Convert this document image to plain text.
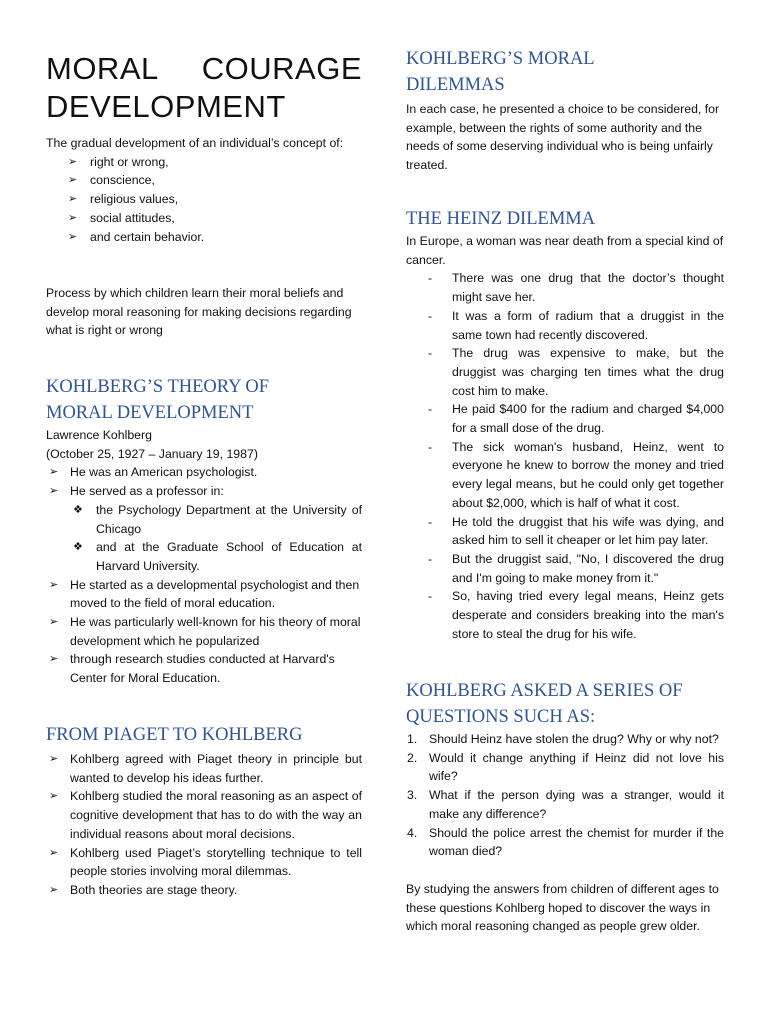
MORAL COURAGE
DEVELOPMENT

The gradual development of an individual’s concept of:

➢ right or wrong,
➢ conscience,
➢ religious values,
➢ social attitudes,
➢ and certain behavior.

Process by which children learn their moral beliefs and develop moral reasoning for making decisions regarding what is right or wrong

KOHLBERG’S THEORY OF
MORAL DEVELOPMENT

Lawrence Kohlberg

(October 25, 1927 – January 19, 1987)

➢ He was an American psychologist.
➢ He served as a professor in:
❖ the Psychology Department at the University of Chicago
❖ and at the Graduate School of Education at Harvard University.
➢ He started as a developmental psychologist and then moved to the field of moral education.
➢ He was particularly well-known for his theory of moral development which he popularized
➢ through research studies conducted at Harvard's Center for Moral Education.
FROM PIAGET TO KOHLBERG
➢ Kohlberg agreed with Piaget theory in principle but wanted to develop his ideas further.
➢ Kohlberg studied the moral reasoning as an aspect of cognitive development that has to do with the way an individual reasons about moral decisions.
➢ Kohlberg used Piaget’s storytelling technique to tell people stories involving moral dilemmas.
➢ Both theories are stage theory.
KOHLBERG’S MORAL
DILEMMAS

In each case, he presented a choice to be considered, for example, between the rights of some authority and the needs of some deserving individual who is being unfairly treated.

THE HEINZ DILEMMA

In Europe, a woman was near death from a special kind of cancer.

- There was one drug that the doctor’s thought might save her.
- It was a form of radium that a druggist in the same town had recently discovered.
- The drug was expensive to make, but the druggist was charging ten times what the drug cost him to make.
- He paid $400 for the radium and charged $4,000 for a small dose of the drug.
- The sick woman's husband, Heinz, went to everyone he knew to borrow the money and tried every legal means, but he could only get together about $2,000, which is half of what it cost.
- He told the druggist that his wife was dying, and asked him to sell it cheaper or let him pay later.
- But the druggist said, "No, I discovered the drug and I'm going to make money from it."
- So, having tried every legal means, Heinz gets desperate and considers breaking into the man's store to steal the drug for his wife.
KOHLBERG ASKED A SERIES OF
QUESTIONS SUCH AS:
1. Should Heinz have stolen the drug? Why or why not?
2. Would it change anything if Heinz did not love his wife?
3. What if the person dying was a stranger, would it make any difference?
4. Should the police arrest the chemist for murder if the woman died?

By studying the answers from children of different ages to these questions Kohlberg hoped to discover the ways in which moral reasoning changed as people grew older.
